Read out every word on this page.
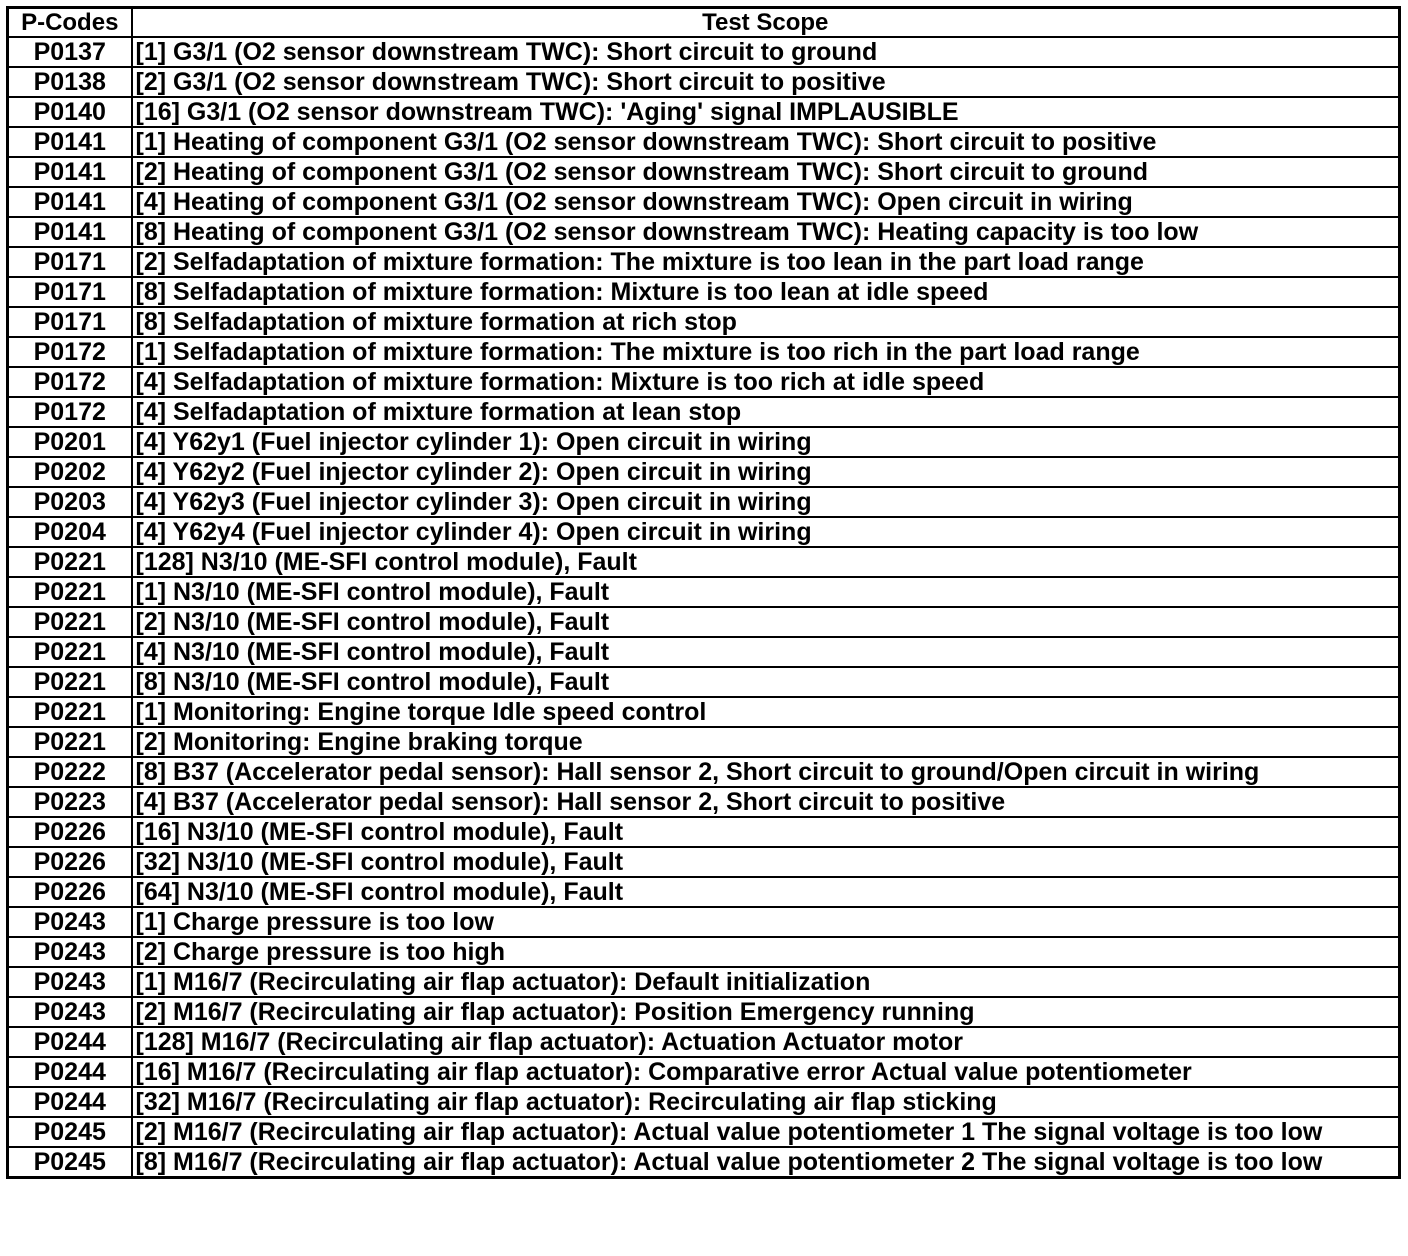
P-Codes	Test Scope
P0137	[1] G3/1 (O2 sensor downstream TWC): Short circuit to ground
P0138	[2] G3/1 (O2 sensor downstream TWC): Short circuit to positive
P0140	[16] G3/1 (O2 sensor downstream TWC): 'Aging' signal IMPLAUSIBLE
P0141	[1] Heating of component G3/1 (O2 sensor downstream TWC): Short circuit to positive
P0141	[2] Heating of component G3/1 (O2 sensor downstream TWC): Short circuit to ground
P0141	[4] Heating of component G3/1 (O2 sensor downstream TWC): Open circuit in wiring
P0141	[8] Heating of component G3/1 (O2 sensor downstream TWC): Heating capacity is too low
P0171	[2] Selfadaptation of mixture formation: The mixture is too lean in the part load range
P0171	[8] Selfadaptation of mixture formation: Mixture is too lean at idle speed
P0171	[8] Selfadaptation of mixture formation at rich stop
P0172	[1] Selfadaptation of mixture formation: The mixture is too rich in the part load range
P0172	[4] Selfadaptation of mixture formation: Mixture is too rich at idle speed
P0172	[4] Selfadaptation of mixture formation at lean stop
P0201	[4] Y62y1 (Fuel injector cylinder 1): Open circuit in wiring
P0202	[4] Y62y2 (Fuel injector cylinder 2): Open circuit in wiring
P0203	[4] Y62y3 (Fuel injector cylinder 3): Open circuit in wiring
P0204	[4] Y62y4 (Fuel injector cylinder 4): Open circuit in wiring
P0221	[128] N3/10 (ME-SFI control module), Fault
P0221	[1] N3/10 (ME-SFI control module), Fault
P0221	[2] N3/10 (ME-SFI control module), Fault
P0221	[4] N3/10 (ME-SFI control module), Fault
P0221	[8] N3/10 (ME-SFI control module), Fault
P0221	[1] Monitoring: Engine torque Idle speed control
P0221	[2] Monitoring: Engine braking torque
P0222	[8] B37 (Accelerator pedal sensor): Hall sensor 2, Short circuit to ground/Open circuit in wiring
P0223	[4] B37 (Accelerator pedal sensor): Hall sensor 2, Short circuit to positive
P0226	[16] N3/10 (ME-SFI control module), Fault
P0226	[32] N3/10 (ME-SFI control module), Fault
P0226	[64] N3/10 (ME-SFI control module), Fault
P0243	[1] Charge pressure is too low
P0243	[2] Charge pressure is too high
P0243	[1] M16/7 (Recirculating air flap actuator): Default initialization
P0243	[2] M16/7 (Recirculating air flap actuator): Position Emergency running
P0244	[128] M16/7 (Recirculating air flap actuator): Actuation Actuator motor
P0244	[16] M16/7 (Recirculating air flap actuator): Comparative error Actual value potentiometer
P0244	[32] M16/7 (Recirculating air flap actuator): Recirculating air flap sticking
P0245	[2] M16/7 (Recirculating air flap actuator): Actual value potentiometer 1 The signal voltage is too low
P0245	[8] M16/7 (Recirculating air flap actuator): Actual value potentiometer 2 The signal voltage is too low
